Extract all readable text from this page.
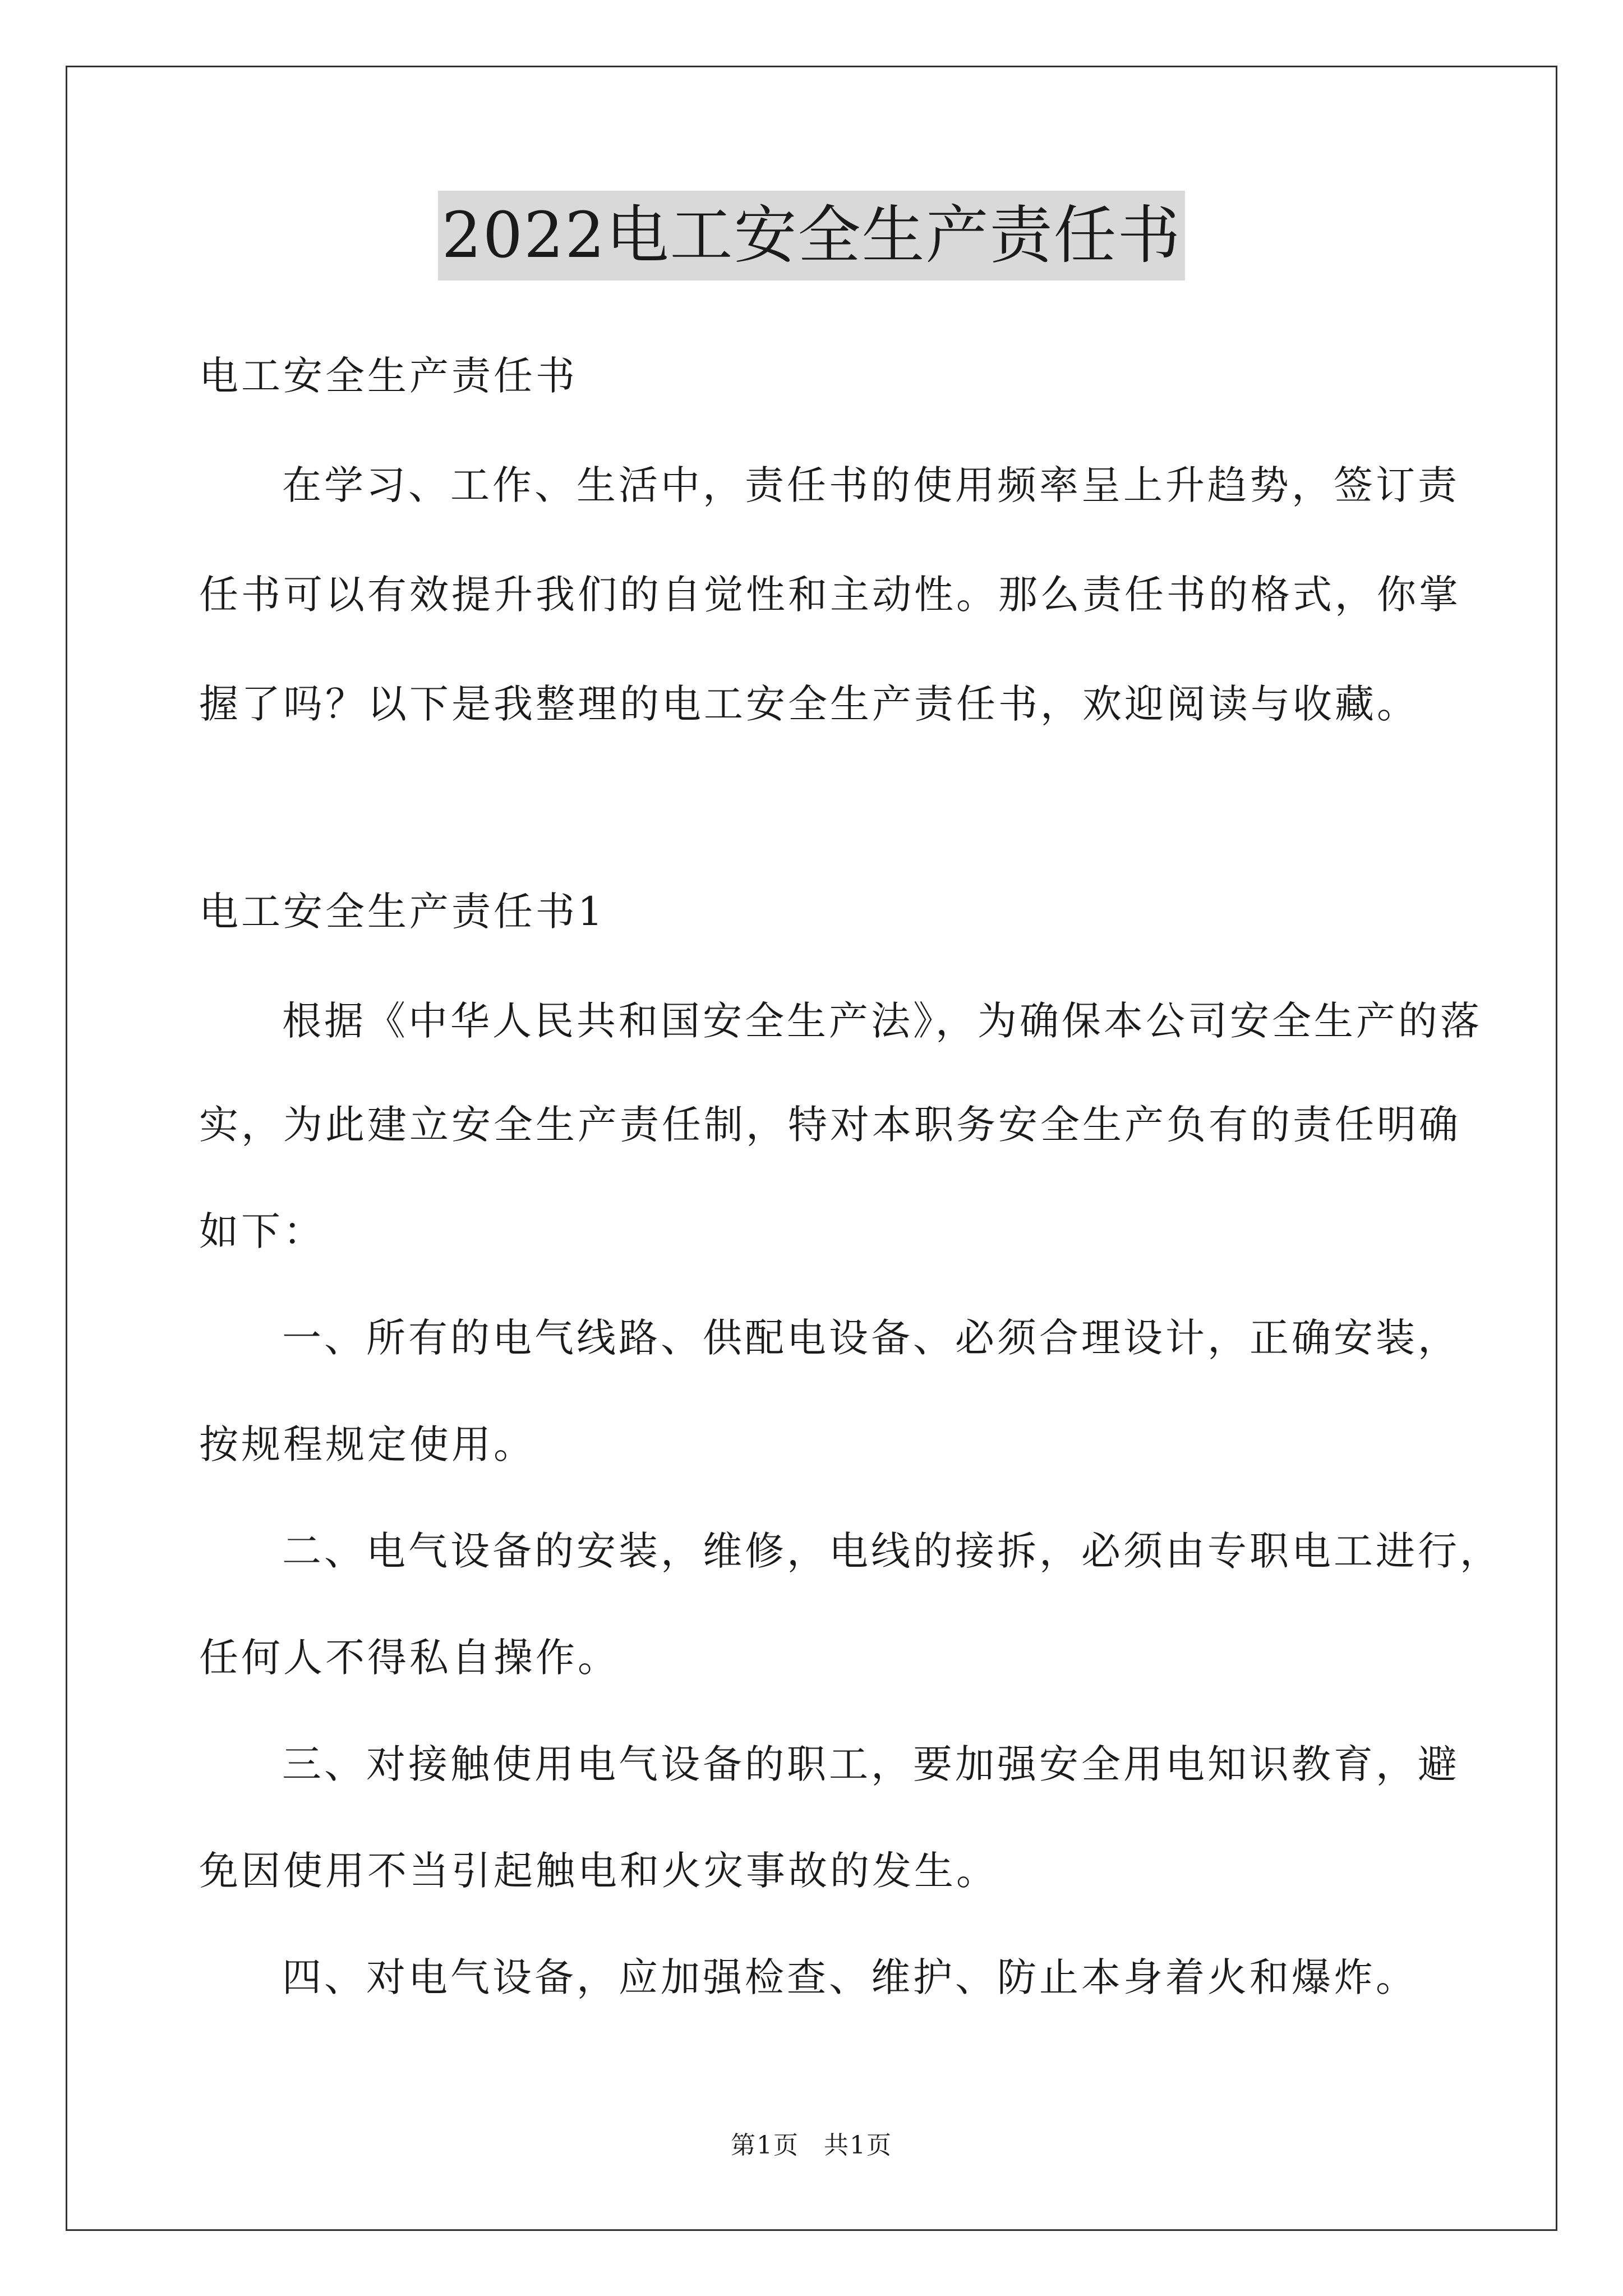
2022电工安全生产责任书
电工安全生产责任书
在学习、工作、生活中，责任书的使用频率呈上升趋势，签订责
任书可以有效提升我们的自觉性和主动性。那么责任书的格式，你掌
握了吗？以下是我整理的电工安全生产责任书，欢迎阅读与收藏。
电工安全生产责任书1
根据《中华人民共和国安全生产法》，为确保本公司安全生产的落
实，为此建立安全生产责任制，特对本职务安全生产负有的责任明确
如下：
一、所有的电气线路、供配电设备、必须合理设计，正确安装，
按规程规定使用。
二、电气设备的安装，维修，电线的接拆，必须由专职电工进行，
任何人不得私自操作。
三、对接触使用电气设备的职工，要加强安全用电知识教育，避
免因使用不当引起触电和火灾事故的发生。
四、对电气设备，应加强检查、维护、防止本身着火和爆炸。
第1页 共1页
